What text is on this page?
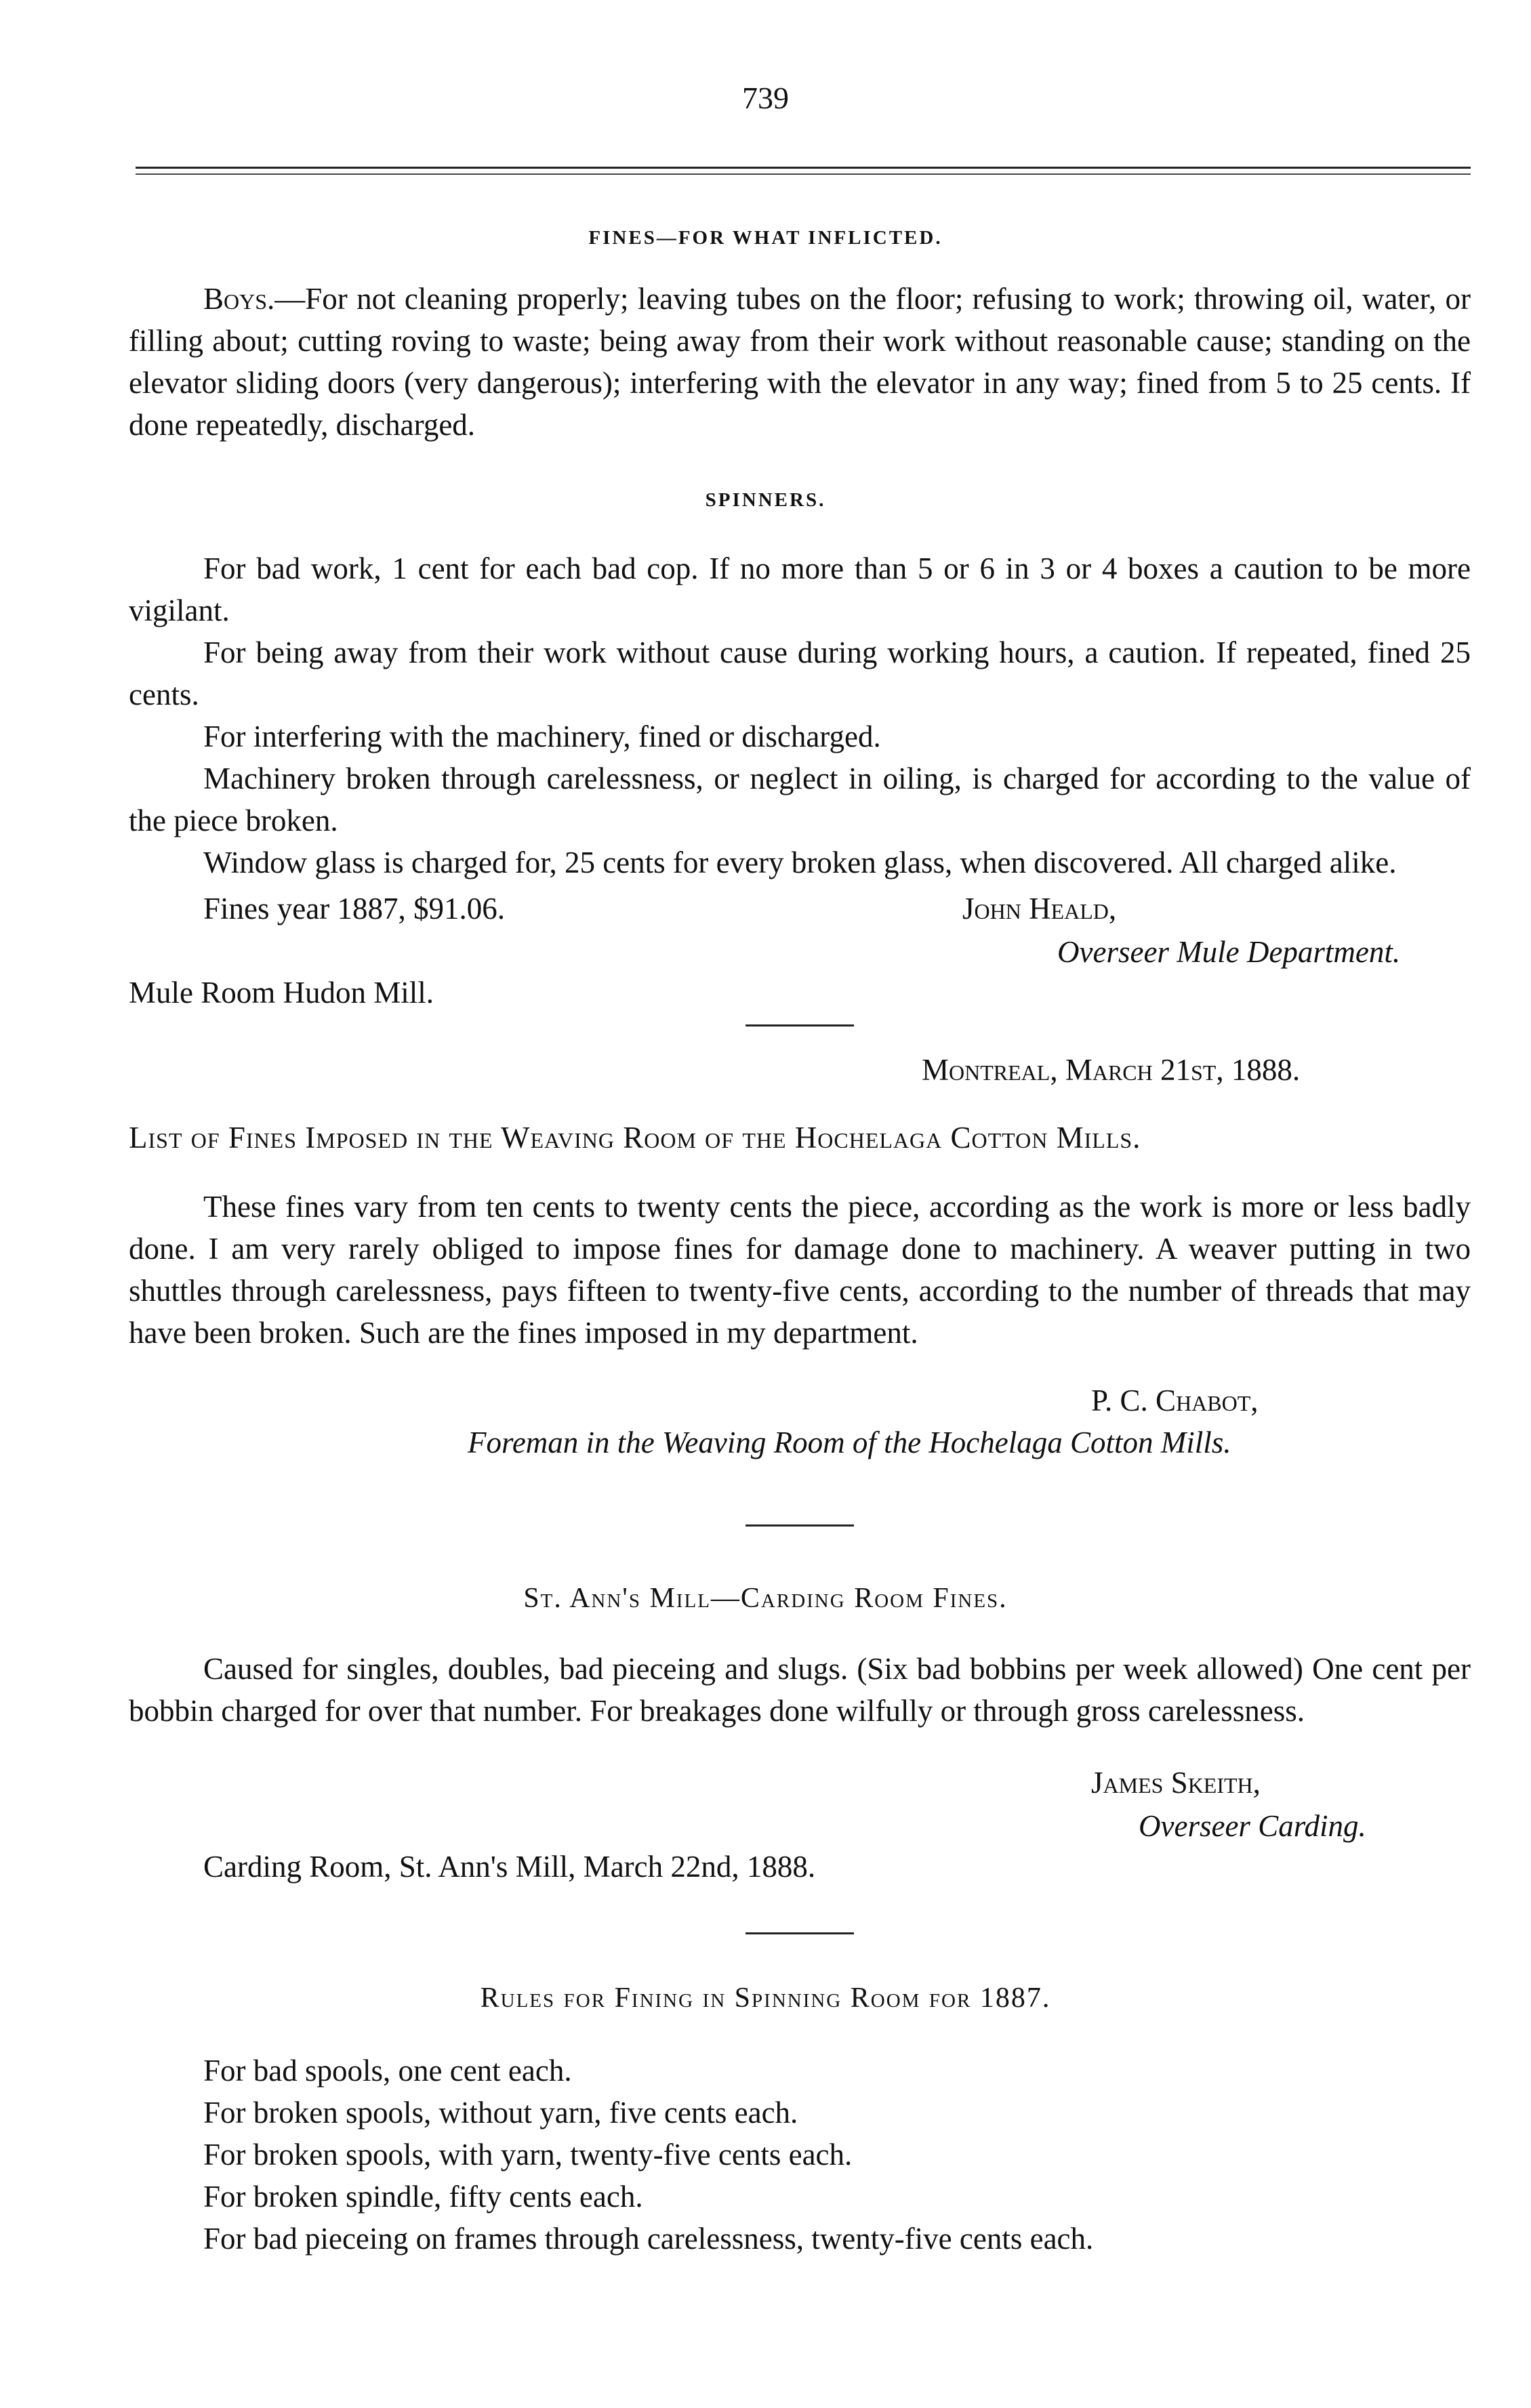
739
FINES—FOR WHAT INFLICTED.

Boys.—For not cleaning properly; leaving tubes on the floor; refusing to work; throwing oil, water, or filling about; cutting roving to waste; being away from their work without reasonable cause; standing on the elevator sliding doors (very dangerous); interfering with the elevator in any way; fined from 5 to 25 cents. If done repeatedly, discharged.

SPINNERS.

For bad work, 1 cent for each bad cop. If no more than 5 or 6 in 3 or 4 boxes a caution to be more vigilant.

For being away from their work without cause during working hours, a caution. If repeated, fined 25 cents.

For interfering with the machinery, fined or discharged.

Machinery broken through carelessness, or neglect in oiling, is charged for according to the value of the piece broken.

Window glass is charged for, 25 cents for every broken glass, when discovered. All charged alike.

Fines year 1887, $91.06.	John Heald,
Overseer Mule Department.
Mule Room Hudon Mill.
Montreal, March 21st, 1888.
List of Fines Imposed in the Weaving Room of the Hochelaga Cotton Mills.

These fines vary from ten cents to twenty cents the piece, according as the work is more or less badly done. I am very rarely obliged to impose fines for damage done to machinery. A weaver putting in two shuttles through carelessness, pays fifteen to twenty-five cents, according to the number of threads that may have been broken. Such are the fines imposed in my department.

P. C. Chabot,
Foreman in the Weaving Room of the Hochelaga Cotton Mills.
St. Ann's Mill—Carding Room Fines.

Caused for singles, doubles, bad pieceing and slugs. (Six bad bobbins per week allowed) One cent per bobbin charged for over that number. For breakages done wilfully or through gross carelessness.

James Skeith,
Overseer Carding.
Carding Room, St. Ann's Mill, March 22nd, 1888.
Rules for Fining in Spinning Room for 1887.
For bad spools, one cent each.
For broken spools, without yarn, five cents each.
For broken spools, with yarn, twenty-five cents each.
For broken spindle, fifty cents each.
For bad pieceing on frames through carelessness, twenty-five cents each.
